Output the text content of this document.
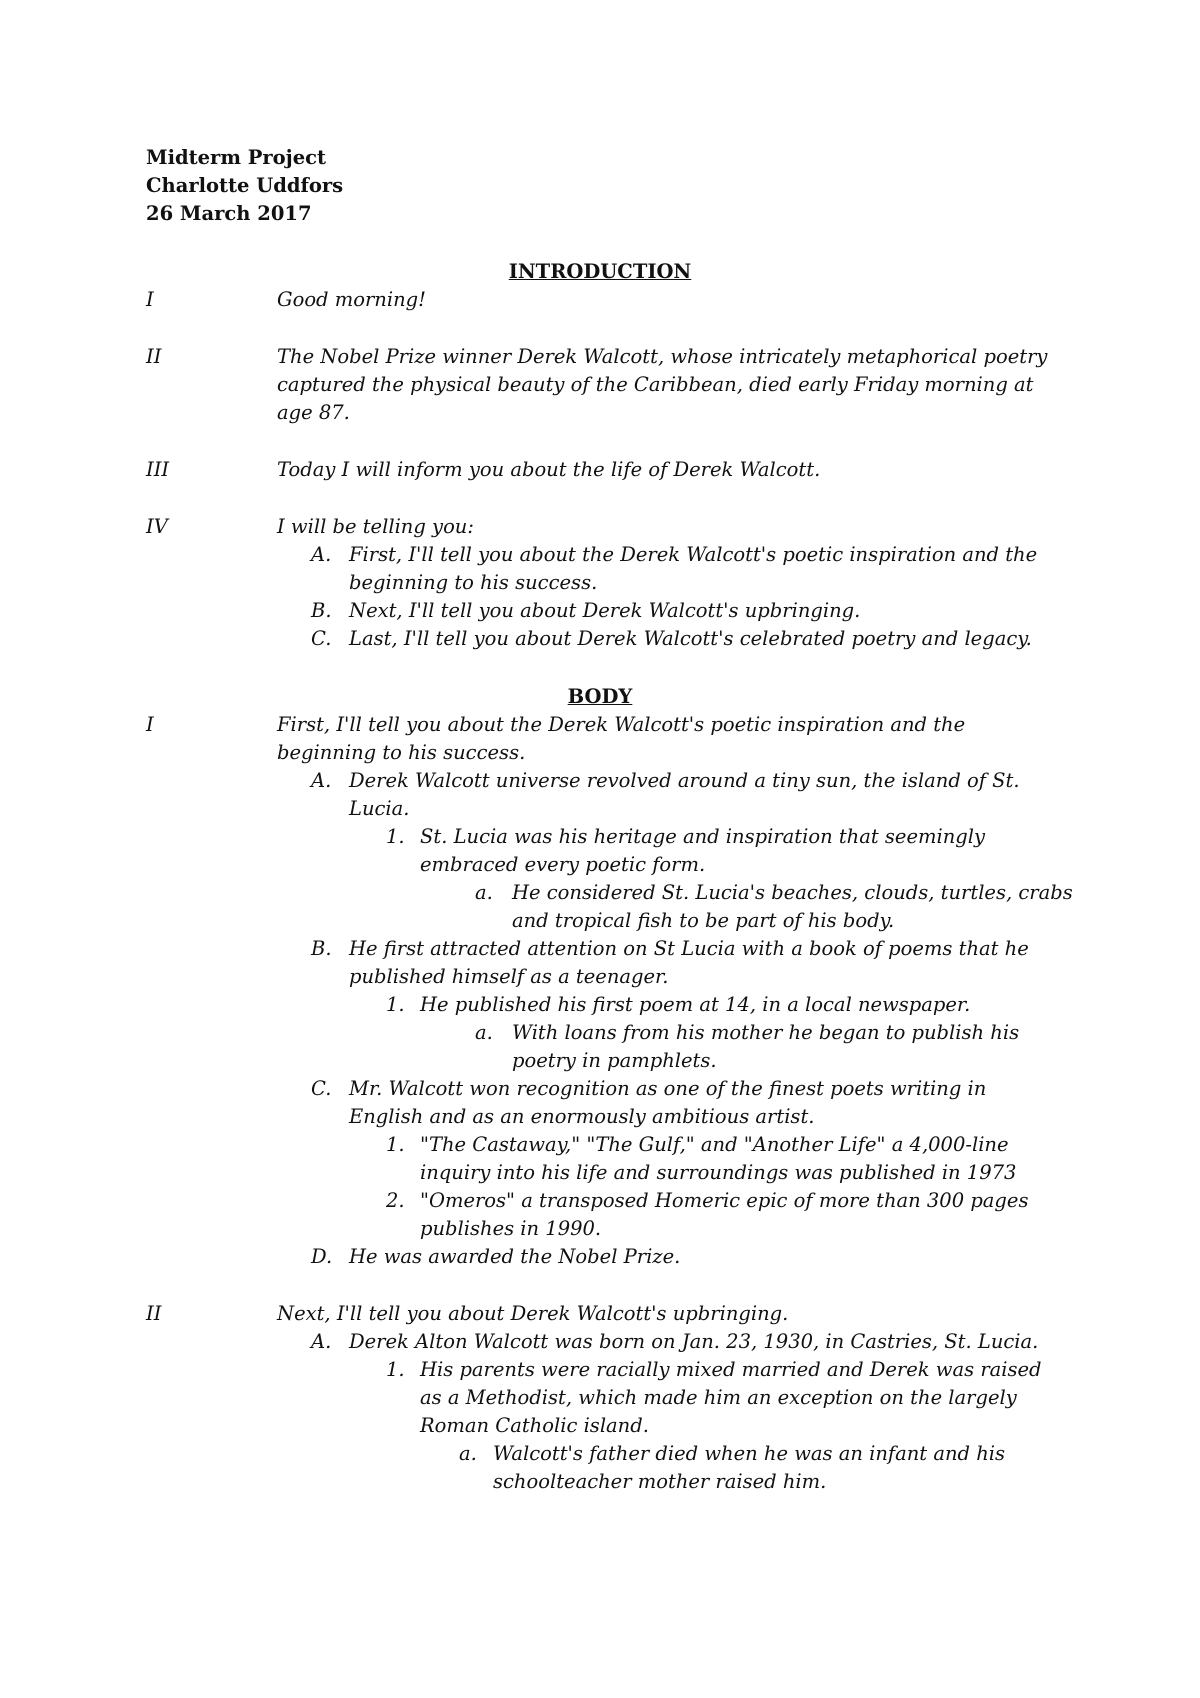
Midterm Project
Charlotte Uddfors
26 March 2017
INTRODUCTION
I	Good morning!
II	The Nobel Prize winner Derek Walcott, whose intricately metaphorical poetry
captured the physical beauty of the Caribbean, died early Friday morning at
age 87.
III	Today I will inform you about the life of Derek Walcott.
IV	I will be telling you:
A. First, I'll tell you about the Derek Walcott's poetic inspiration and the
beginning to his success.
B. Next, I'll tell you about Derek Walcott's upbringing.
C. Last, I'll tell you about Derek Walcott's celebrated poetry and legacy.
BODY
I	First, I'll tell you about the Derek Walcott's poetic inspiration and the
beginning to his success.
A. Derek Walcott universe revolved around a tiny sun, the island of St.
Lucia.
1. St. Lucia was his heritage and inspiration that seemingly
embraced every poetic form.
a. He considered St. Lucia's beaches, clouds, turtles, crabs
and tropical fish to be part of his body.
B. He first attracted attention on St Lucia with a book of poems that he
published himself as a teenager.
1. He published his first poem at 14, in a local newspaper.
a. With loans from his mother he began to publish his
poetry in pamphlets.
C. Mr. Walcott won recognition as one of the finest poets writing in
English and as an enormously ambitious artist.
1. "The Castaway," "The Gulf," and "Another Life" a 4,000-line
inquiry into his life and surroundings was published in 1973
2. "Omeros" a transposed Homeric epic of more than 300 pages
publishes in 1990.
D. He was awarded the Nobel Prize.
II	Next, I'll tell you about Derek Walcott's upbringing.
A. Derek Alton Walcott was born on Jan. 23, 1930, in Castries, St. Lucia.
1. His parents were racially mixed married and Derek was raised
as a Methodist, which made him an exception on the largely
Roman Catholic island.
a. Walcott's father died when he was an infant and his
schoolteacher mother raised him.
